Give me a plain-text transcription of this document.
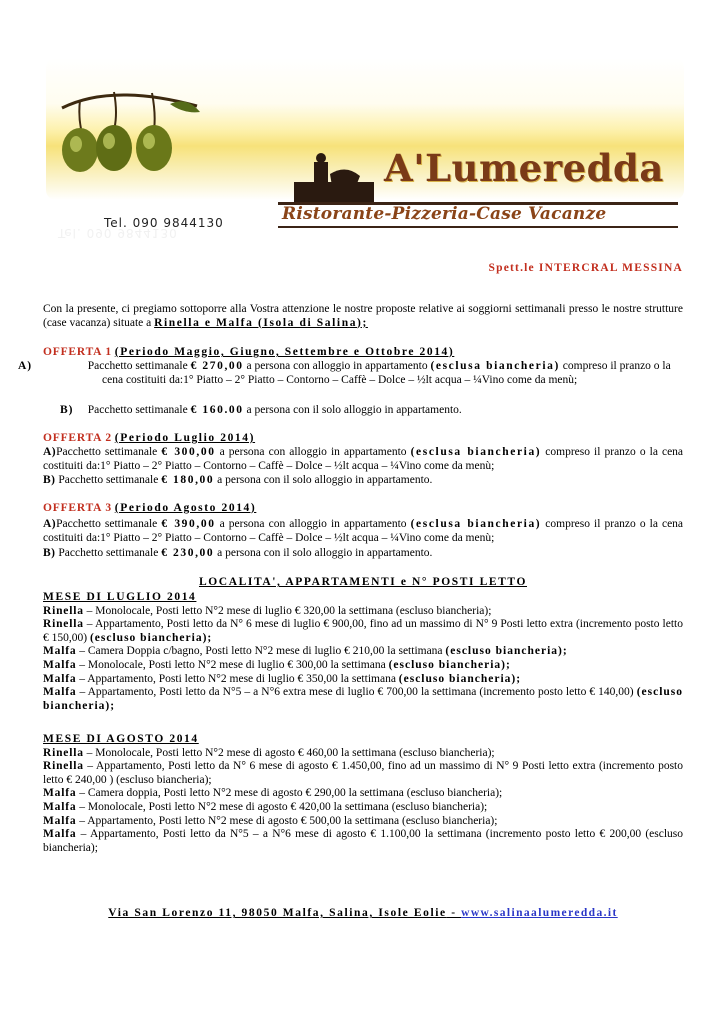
A'Lumeredda

Ristorante-Pizzeria-Case Vacanze

Tel. 090 9844130

Tel. 090 9844130

Spett.le INTERCRAL MESSINA

Con la presente, ci pregiamo sottoporre alla Vostra attenzione le nostre proposte relative ai soggiorni settimanali presso le nostre strutture (case vacanza) situate a Rinella e Malfa (Isola di Salina);

OFFERTA 1 (Periodo Maggio, Giugno, Settembre e Ottobre 2014)

A)	Pacchetto settimanale € 270,00 a persona con alloggio in appartamento (esclusa biancheria) compreso il pranzo o la cena costituiti da:1° Piatto – 2° Piatto – Contorno – Caffè – Dolce – ½lt acqua – ¼Vino come da menù;
B) Pacchetto settimanale € 160.00 a persona con il solo alloggio in appartamento.

OFFERTA 2 (Periodo Luglio 2014)

A)Pacchetto settimanale € 300,00 a persona con alloggio in appartamento (esclusa biancheria) compreso il pranzo o la cena costituiti da:1° Piatto – 2° Piatto – Contorno – Caffè – Dolce – ½lt acqua – ¼Vino come da menù;

B) Pacchetto settimanale € 180,00 a persona con il solo alloggio in appartamento.

OFFERTA 3 (Periodo Agosto 2014)

A)Pacchetto settimanale € 390,00 a persona con alloggio in appartamento (esclusa biancheria) compreso il pranzo o la cena costituiti da:1° Piatto – 2° Piatto – Contorno – Caffè – Dolce – ½lt acqua – ¼Vino come da menù;

B) Pacchetto settimanale € 230,00 a persona con il solo alloggio in appartamento.

LOCALITA', APPARTAMENTI e N° POSTI LETTO

MESE DI LUGLIO 2014
Rinella – Monolocale, Posti letto N°2 mese di luglio € 320,00 la settimana (escluso biancheria);
Rinella – Appartamento, Posti letto da N° 6 mese di luglio € 900,00, fino ad un massimo di N° 9 Posti letto extra (incremento posto letto € 150,00) (escluso biancheria);
Malfa – Camera Doppia c/bagno, Posti letto N°2 mese di luglio € 210,00 la settimana (escluso biancheria);
Malfa – Monolocale, Posti letto N°2 mese di luglio € 300,00 la settimana (escluso biancheria);
Malfa – Appartamento, Posti letto N°2 mese di luglio € 350,00 la settimana (escluso biancheria);
Malfa – Appartamento, Posti letto da N°5 – a N°6 extra mese di luglio € 700,00 la settimana (incremento posto letto € 140,00) (escluso biancheria);
MESE DI AGOSTO 2014
Rinella – Monolocale, Posti letto N°2 mese di agosto € 460,00 la settimana (escluso biancheria);
Rinella – Appartamento, Posti letto da N° 6 mese di agosto € 1.450,00, fino ad un massimo di N° 9 Posti letto extra (incremento posto letto € 240,00 ) (escluso biancheria);
Malfa – Camera doppia, Posti letto N°2 mese di agosto € 290,00 la settimana (escluso biancheria);
Malfa – Monolocale, Posti letto N°2 mese di agosto € 420,00 la settimana (escluso biancheria);
Malfa – Appartamento, Posti letto N°2 mese di agosto € 500,00 la settimana (escluso biancheria);
Malfa – Appartamento, Posti letto da N°5 – a N°6 mese di agosto € 1.100,00 la settimana (incremento posto letto € 200,00 (escluso biancheria);

Via San Lorenzo 11, 98050 Malfa, Salina, Isole Eolie - www.salinaalumeredda.it
